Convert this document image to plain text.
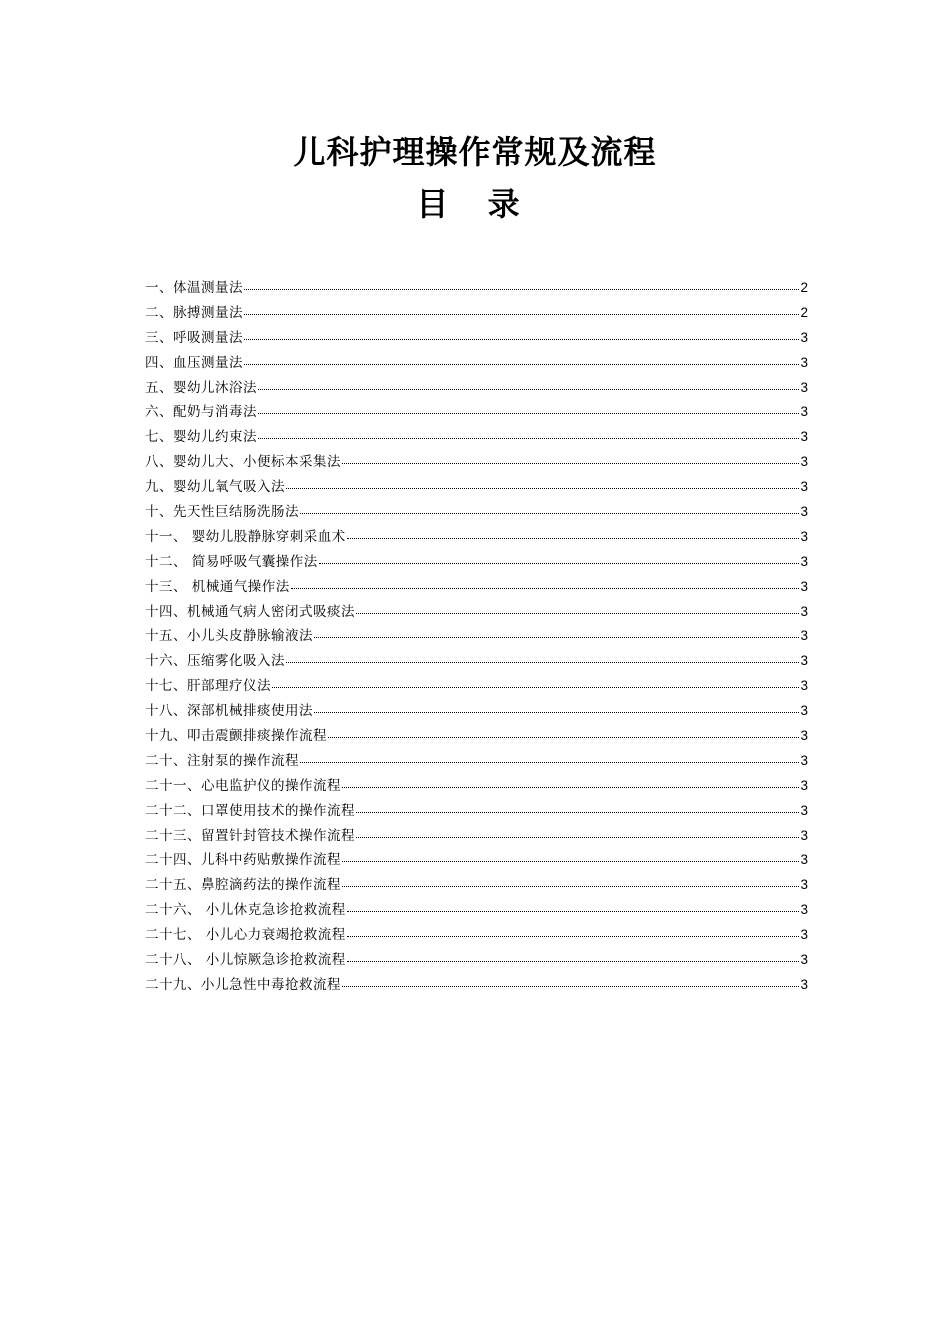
儿科护理操作常规及流程
目 录
一、体温测量法	2
二、脉搏测量法	2
三、呼吸测量法	3
四、血压测量法	3
五、婴幼儿沐浴法	3
六、配奶与消毒法	3
七、婴幼儿约束法	3
八、婴幼儿大、小便标本采集法	3
九、婴幼儿氧气吸入法	3
十、先天性巨结肠洗肠法	3
十一、 婴幼儿股静脉穿刺采血术	3
十二、 简易呼吸气囊操作法	3
十三、 机械通气操作法	3
十四、机械通气病人密闭式吸痰法	3
十五、小儿头皮静脉输液法	3
十六、压缩雾化吸入法	3
十七、肝部理疗仪法	3
十八、深部机械排痰使用法	3
十九、叩击震颤排痰操作流程	3
二十、注射泵的操作流程	3
二十一、心电监护仪的操作流程	3
二十二、口罩使用技术的操作流程	3
二十三、留置针封管技术操作流程	3
二十四、儿科中药贴敷操作流程	3
二十五、鼻腔滴药法的操作流程	3
二十六、 小儿休克急诊抢救流程	3
二十七、 小儿心力衰竭抢救流程	3
二十八、 小儿惊厥急诊抢救流程	3
二十九、小儿急性中毒抢救流程	3
